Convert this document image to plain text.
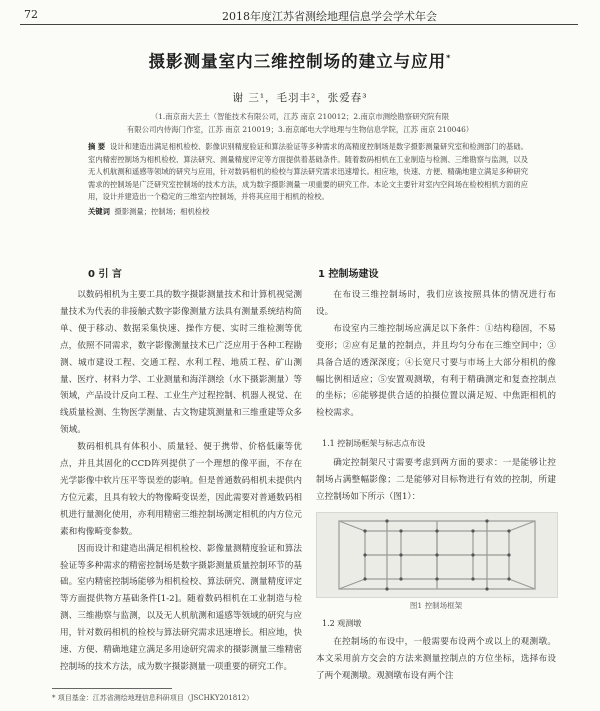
72	2018年度江苏省测绘地理信息学会学术年会
摄影测量室内三维控制场的建立与应用*
谢 三¹，毛羽丰²，张爱春³
（1.南京南大芸土（智能技术有限公司，江苏 南京 210012；2.南京市测绘勘察研究院有限
有限公司内侍海门作室，江苏 南京 210019；3.南京邮电大学地理与生物信息学院，江苏 南京 210046）
摘 要 设计和建造出满足相机检校、影像识别精度验证和算法验证等多种需求的高精度控制场是数字摄影测量研究室和检测部门的基础。室内精密控制场为相机检校、算法研究、测量精度评定等方面提供着基础条件。随着数码相机在工业制造与检测、三维勘察与监测，以及无人机航测和遥感等领域的研究与应用，针对数码相机的检校与算法研究需求迅速增长。相应地，快速、方便、精确地建立满足多种研究需求的控制场是广泛研究室控制场的技术方法，成为数字摄影测量一项重要的研究工作。本论文主要针对室内空间场在检校相机方面的应用，设计并建造出一个稳定的三维室内控制场，并将其应用于相机的检校。
关键词 摄影测量；控制场；相机检校
0 引 言

以数码相机为主要工具的数字摄影测量技术和计算机视觉测量技术为代表的非接触式数字影像测量方法具有测量系统结构简单、便于移动、数据采集快速、操作方便、实时三维检测等优点，依照不同需求，数字影像测量技术已广泛应用于各种工程勘测、城市建设工程、交通工程、水利工程、地质工程、矿山测量、医疗、材料力学、工业测量和海洋测绘（水下摄影测量）等领域，产品设计反向工程、工业生产过程控制、机器人视觉、在线质量检测、生物医学测量、古文物建筑测量和三维重建等众多领域。

数码相机具有体积小、质量轻、便于携带、价格低廉等优点，并且其固化的CCD阵列提供了一个理想的像平面，不存在光学影像中软片压平等误差的影响。但是普通数码相机未提供内方位元素，且具有较大的物像畸变误差，因此需要对普通数码相机进行量测化使用，亦利用精密三维控制场测定相机的内方位元素和构像畸变参数。

因而设计和建造出满足相机检校、影像量测精度验证和算法验证等多种需求的精密控制场是数字摄影测量质量控制环节的基础。室内精密控制场能够为相机检校、算法研究、测量精度评定等方面提供物方基础条件[1-2]。随着数码相机在工业制造与检测、三维勘察与监测，以及无人机航测和遥感等领域的研究与应用，针对数码相机的检校与算法研究需求迅速增长。相应地，快速、方便、精确地建立满足多用途研究需求的摄影测量三维精密控制场的技术方法，成为数字摄影测量一项重要的研究工作。

1 控制场建设

在布设三维控制场时，我们应该按照具体的情况进行布设。

布设室内三维控制场应满足以下条件：①结构稳固，不易变形；②应有足量的控制点，并且均匀分布在三维空间中；③具备合适的透深深度；④长宽尺寸要与市场上大部分相机的像幅比例相适应；⑤安置观测墩，有利于精确测定和复查控制点的坐标；⑥能够提供合适的拍摄位置以满足短、中焦距相机的检校需求。

1.1 控制场框架与标志点布设

确定控制架尺寸需要考虑到两方面的要求：一是能够让控制场占满整幅影像；二是能够对目标物进行有效的控制，所建立控制场如下所示（图1）：

图1 控制场框架
1.2 观测墩

在控制场的布设中，一般需要布设两个或以上的观测墩。本文采用前方交会的方法来测量控制点的方位坐标，选择布设了两个观测墩。观测墩布设有两个注

* 项目基金：江苏省测绘地理信息科研项目（JSCHKY201812）
